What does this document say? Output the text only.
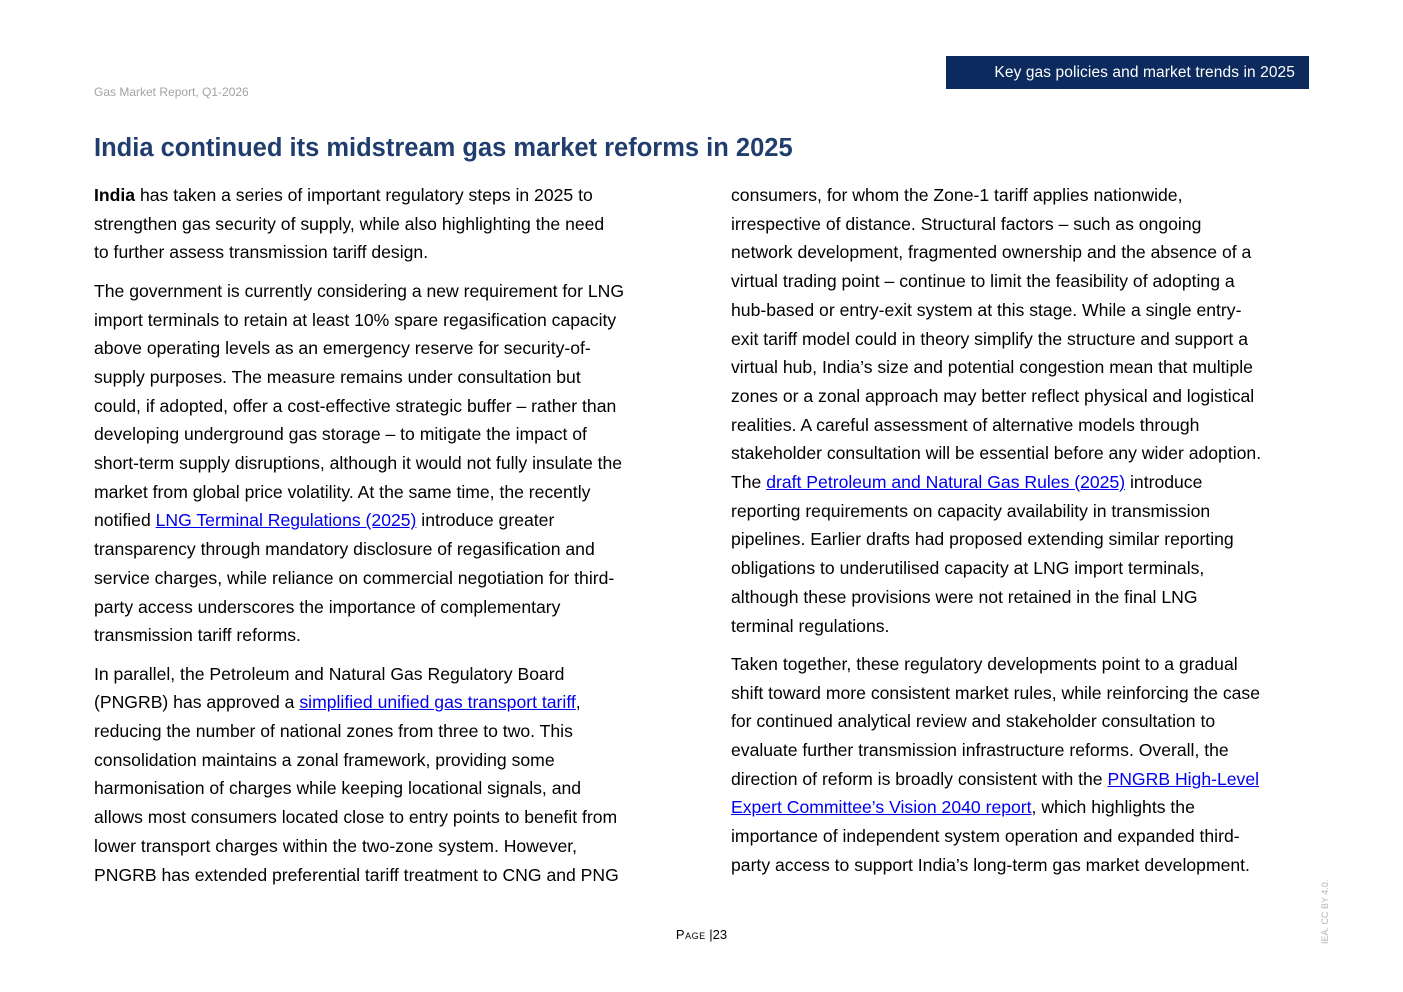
Key gas policies and market trends in 2025
Gas Market Report, Q1-2026
India continued its midstream gas market reforms in 2025

India has taken a series of important regulatory steps in 2025 to
strengthen gas security of supply, while also highlighting the need
to further assess transmission tariff design.

The government is currently considering a new requirement for LNG
import terminals to retain at least 10% spare regasification capacity
above operating levels as an emergency reserve for security-of-
supply purposes. The measure remains under consultation but
could, if adopted, offer a cost-effective strategic buffer – rather than
developing underground gas storage – to mitigate the impact of
short-term supply disruptions, although it would not fully insulate the
market from global price volatility. At the same time, the recently
notified LNG Terminal Regulations (2025) introduce greater
transparency through mandatory disclosure of regasification and
service charges, while reliance on commercial negotiation for third-
party access underscores the importance of complementary
transmission tariff reforms.

In parallel, the Petroleum and Natural Gas Regulatory Board
(PNGRB) has approved a simplified unified gas transport tariff,
reducing the number of national zones from three to two. This
consolidation maintains a zonal framework, providing some
harmonisation of charges while keeping locational signals, and
allows most consumers located close to entry points to benefit from
lower transport charges within the two-zone system. However,
PNGRB has extended preferential tariff treatment to CNG and PNG

consumers, for whom the Zone-1 tariff applies nationwide,
irrespective of distance. Structural factors – such as ongoing
network development, fragmented ownership and the absence of a
virtual trading point – continue to limit the feasibility of adopting a
hub-based or entry-exit system at this stage. While a single entry-
exit tariff model could in theory simplify the structure and support a
virtual hub, India’s size and potential congestion mean that multiple
zones or a zonal approach may better reflect physical and logistical
realities. A careful assessment of alternative models through
stakeholder consultation will be essential before any wider adoption.
The draft Petroleum and Natural Gas Rules (2025) introduce
reporting requirements on capacity availability in transmission
pipelines. Earlier drafts had proposed extending similar reporting
obligations to underutilised capacity at LNG import terminals,
although these provisions were not retained in the final LNG
terminal regulations.

Taken together, these regulatory developments point to a gradual
shift toward more consistent market rules, while reinforcing the case
for continued analytical review and stakeholder consultation to
evaluate further transmission infrastructure reforms. Overall, the
direction of reform is broadly consistent with the PNGRB High-Level
Expert Committee’s Vision 2040 report, which highlights the
importance of independent system operation and expanded third-
party access to support India’s long-term gas market development.

Page |23	IEA. CC BY 4.0.
